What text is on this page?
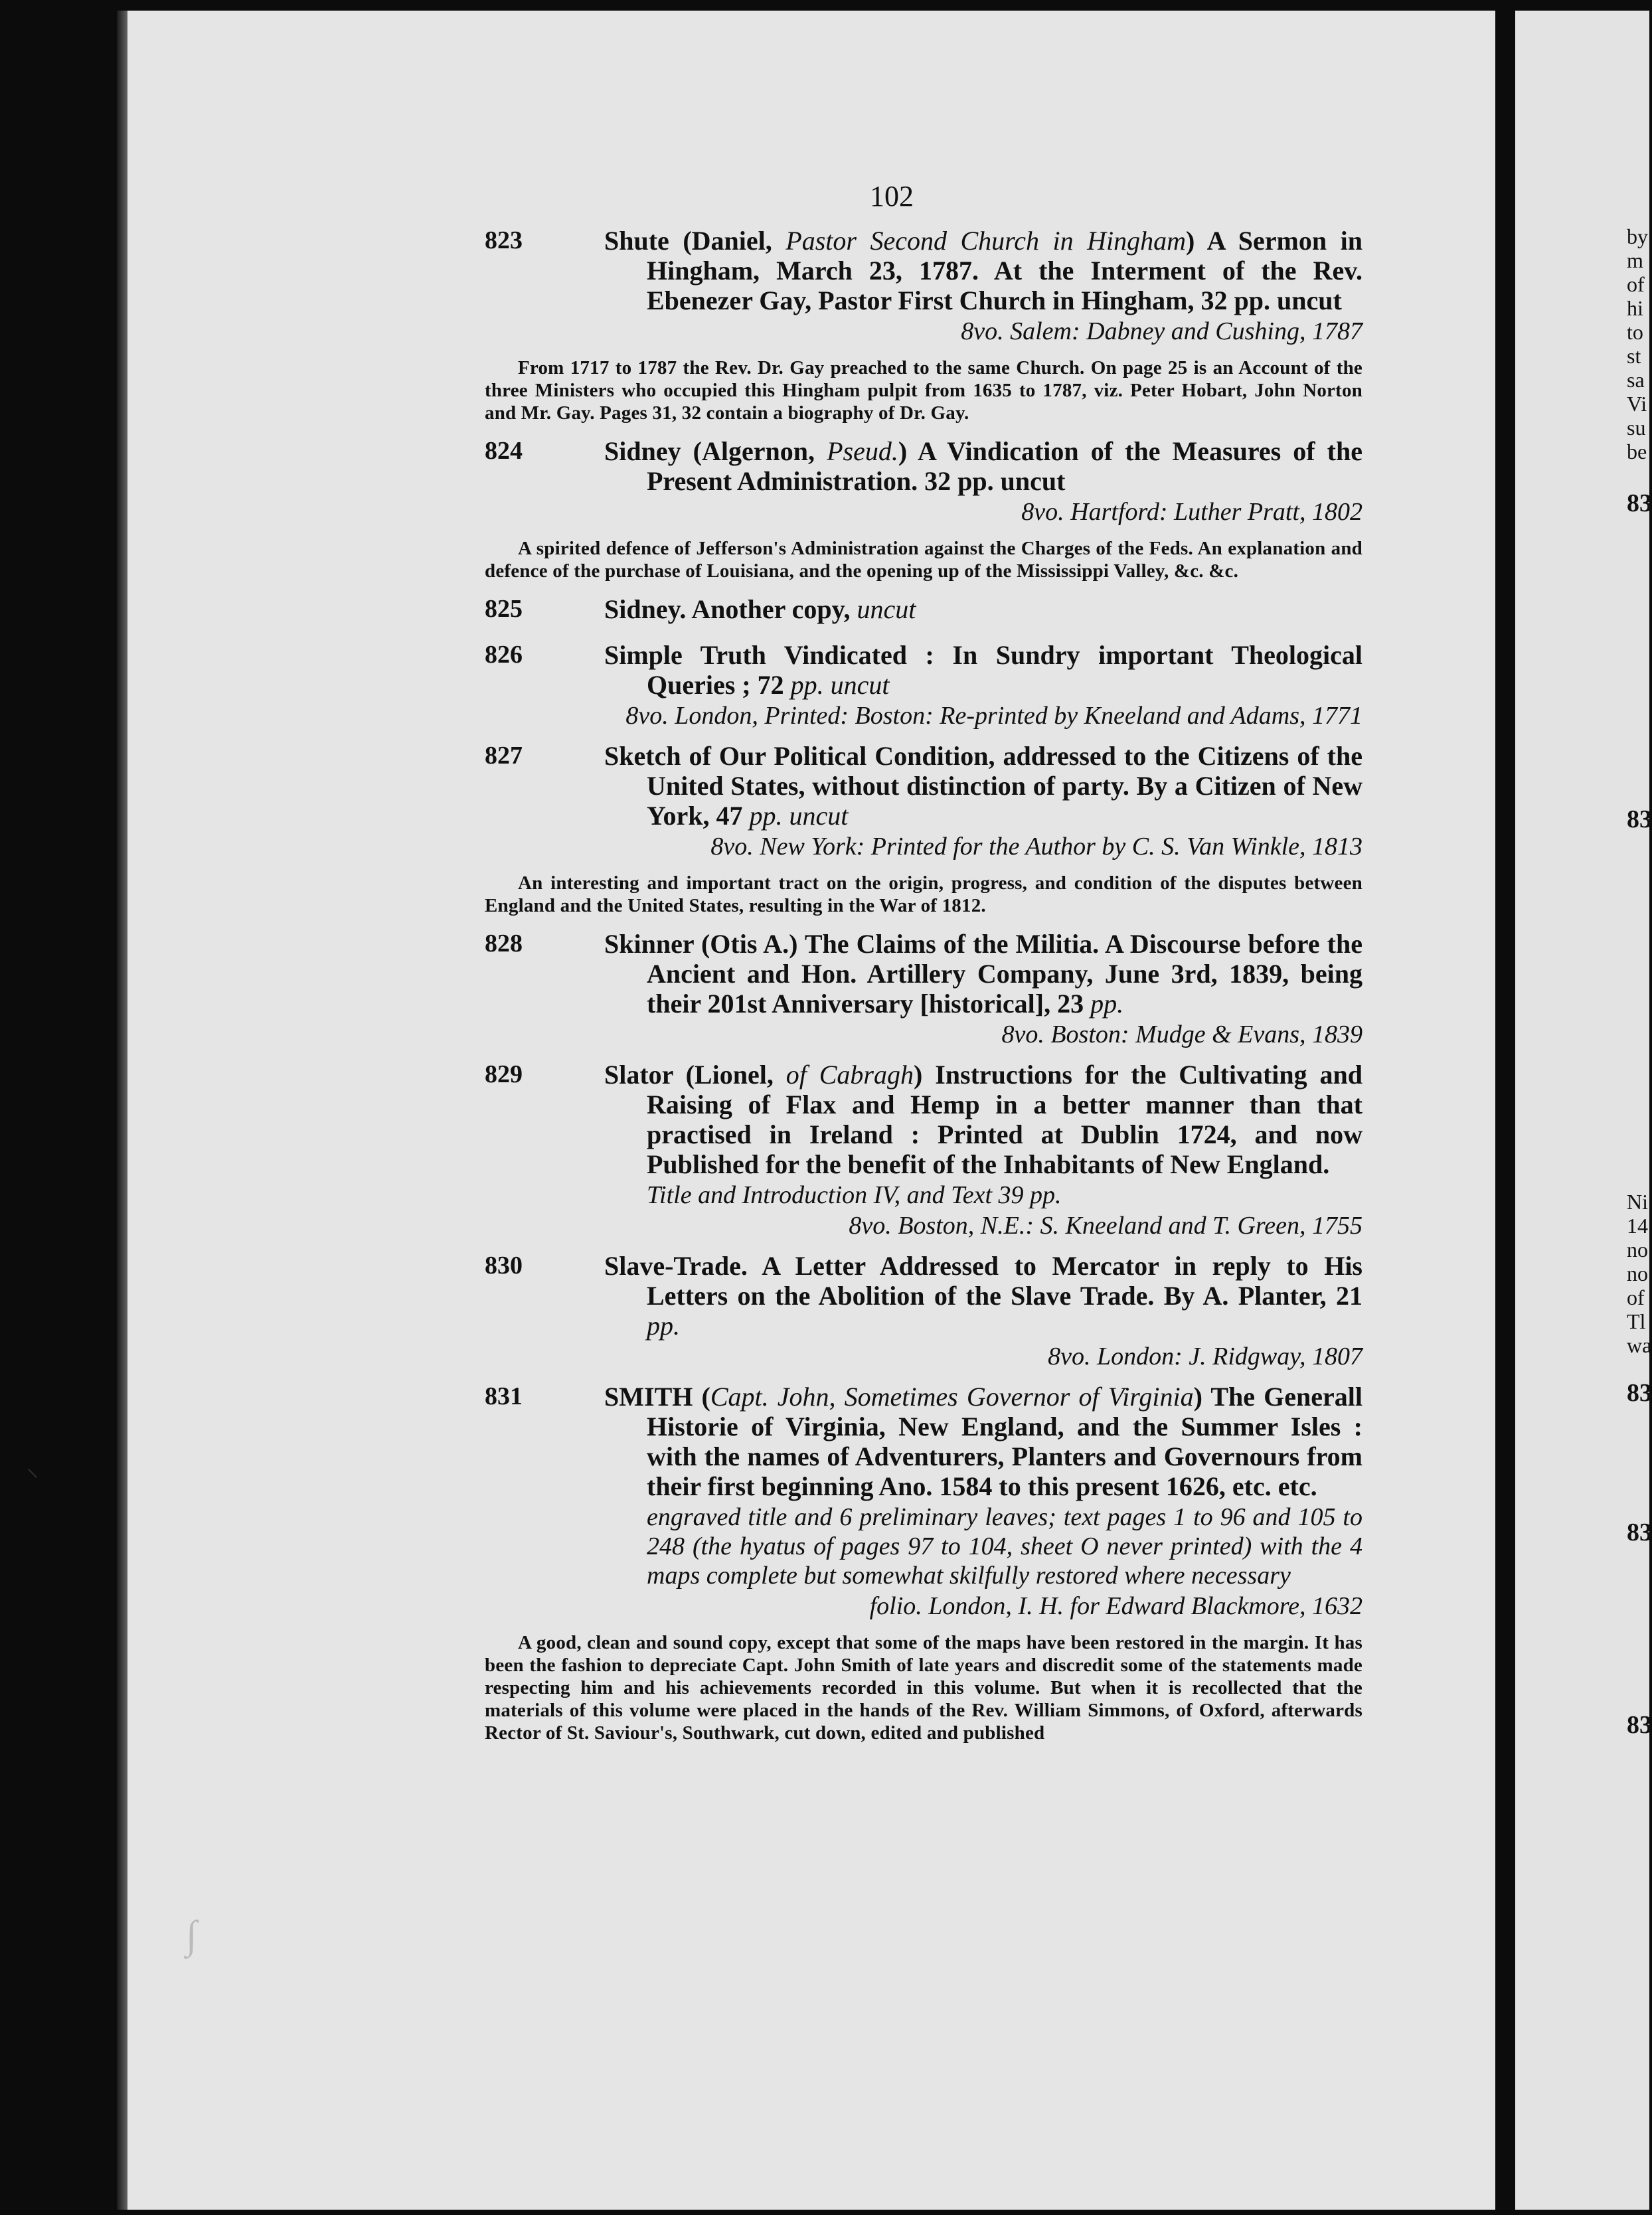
by
m
of
hi
to
st
sa
Vi
su
be
83
83
Ni
14
no
no
of
Tl
wa
83
83
83
102
823	Shute (Daniel, Pastor Second Church in Hingham) A Sermon in Hingham, March 23, 1787. At the Interment of the Rev. Ebenezer Gay, Pastor First Church in Hingham, 32 pp. uncut
8vo. Salem: Dabney and Cushing, 1787
From 1717 to 1787 the Rev. Dr. Gay preached to the same Church. On page 25 is an Account of the three Ministers who occupied this Hingham pulpit from 1635 to 1787, viz. Peter Hobart, John Norton and Mr. Gay. Pages 31, 32 contain a biography of Dr. Gay.
824	Sidney (Algernon, Pseud.) A Vindication of the Measures of the Present Administration. 32 pp. uncut
8vo. Hartford: Luther Pratt, 1802
A spirited defence of Jefferson's Administration against the Charges of the Feds. An explanation and defence of the purchase of Louisiana, and the opening up of the Mississippi Valley, &c. &c.
825	Sidney. Another copy, uncut
826	Simple Truth Vindicated : In Sundry important Theological Queries ; 72 pp. uncut
8vo. London, Printed: Boston: Re-printed by Kneeland and Adams, 1771
827	Sketch of Our Political Condition, addressed to the Citizens of the United States, without distinction of party. By a Citizen of New York, 47 pp. uncut
8vo. New York: Printed for the Author by C. S. Van Winkle, 1813
An interesting and important tract on the origin, progress, and condition of the disputes between England and the United States, resulting in the War of 1812.
828	Skinner (Otis A.) The Claims of the Militia. A Discourse before the Ancient and Hon. Artillery Company, June 3rd, 1839, being their 201st Anniversary [historical], 23 pp.
8vo. Boston: Mudge & Evans, 1839
829	Slator (Lionel, of Cabragh) Instructions for the Cultivating and Raising of Flax and Hemp in a better manner than that practised in Ireland : Printed at Dublin 1724, and now Published for the benefit of the Inhabitants of New England.
Title and Introduction IV, and Text 39 pp.
8vo. Boston, N.E.: S. Kneeland and T. Green, 1755
830	Slave-Trade. A Letter Addressed to Mercator in reply to His Letters on the Abolition of the Slave Trade. By A. Planter, 21 pp.
8vo. London: J. Ridgway, 1807
831	SMITH (Capt. John, Sometimes Governor of Virginia) The Generall Historie of Virginia, New England, and the Summer Isles : with the names of Adventurers, Planters and Governours from their first beginning Ano. 1584 to this present 1626, etc. etc.
engraved title and 6 preliminary leaves; text pages 1 to 96 and 105 to 248 (the hyatus of pages 97 to 104, sheet O never printed) with the 4 maps complete but somewhat skilfully restored where necessary
folio. London, I. H. for Edward Blackmore, 1632
A good, clean and sound copy, except that some of the maps have been restored in the margin. It has been the fashion to depreciate Capt. John Smith of late years and discredit some of the statements made respecting him and his achievements recorded in this volume. But when it is recollected that the materials of this volume were placed in the hands of the Rev. William Simmons, of Oxford, afterwards Rector of St. Saviour's, Southwark, cut down, edited and published
⸌
∫
